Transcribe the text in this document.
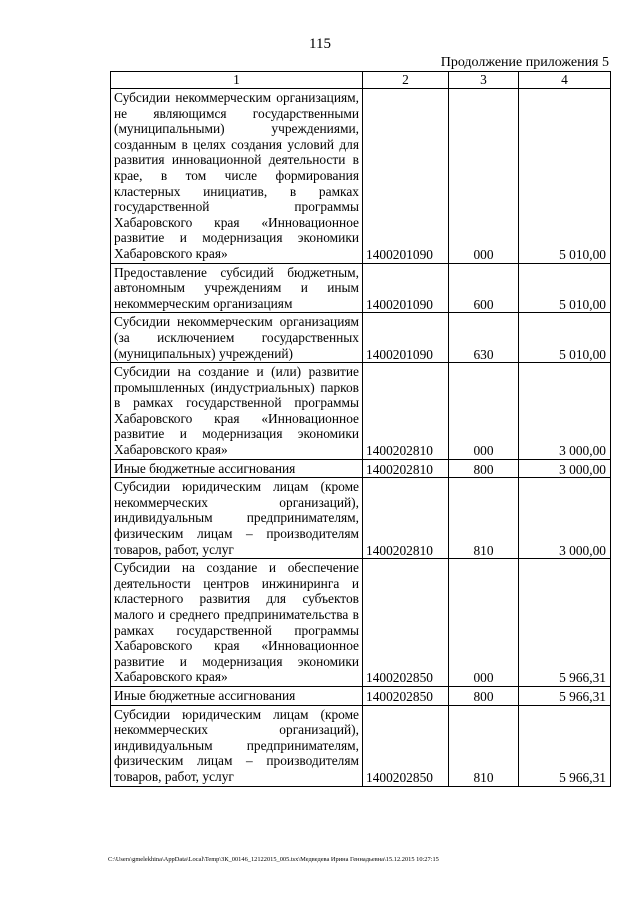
115
Продолжение приложения 5
1	2	3	4
Субсидии некоммерческим организациям, не являющимся государственными (муниципальными) учреждениями, созданным в целях создания условий для развития инновационной деятельности в крае, в том числе формирования кластерных инициатив, в рамках государственной программы Хабаровского края «Инновационное развитие и модернизация экономики Хабаровского края»	1400201090	000	5 010,00
Предоставление субсидий бюджетным, автономным учреждениям и иным некоммерческим организациям	1400201090	600	5 010,00
Субсидии некоммерческим организациям (за исключением государственных (муниципальных) учреждений)	1400201090	630	5 010,00
Субсидии на создание и (или) развитие промышленных (индустриальных) парков в рамках государственной программы Хабаровского края «Инновационное развитие и модернизация экономики Хабаровского края»	1400202810	000	3 000,00
Иные бюджетные ассигнования	1400202810	800	3 000,00
Субсидии юридическим лицам (кроме некоммерческих организаций), индивидуальным предпринимателям, физическим лицам – производителям товаров, работ, услуг	1400202810	810	3 000,00
Субсидии на создание и обеспечение деятельности центров инжиниринга и кластерного развития для субъектов малого и среднего предпринимательства в рамках государственной программы Хабаровского края «Инновационное развитие и модернизация экономики Хабаровского края»	1400202850	000	5 966,31
Иные бюджетные ассигнования	1400202850	800	5 966,31
Субсидии юридическим лицам (кроме некоммерческих организаций), индивидуальным предпринимателям, физическим лицам – производителям товаров, работ, услуг	1400202850	810	5 966,31
C:\Users\gmelekhina\AppData\Local\Temp\ЗК_00146_12122015_005.tsx\Медведева Ирина Геннадьевна\15.12.2015 10:27:15
